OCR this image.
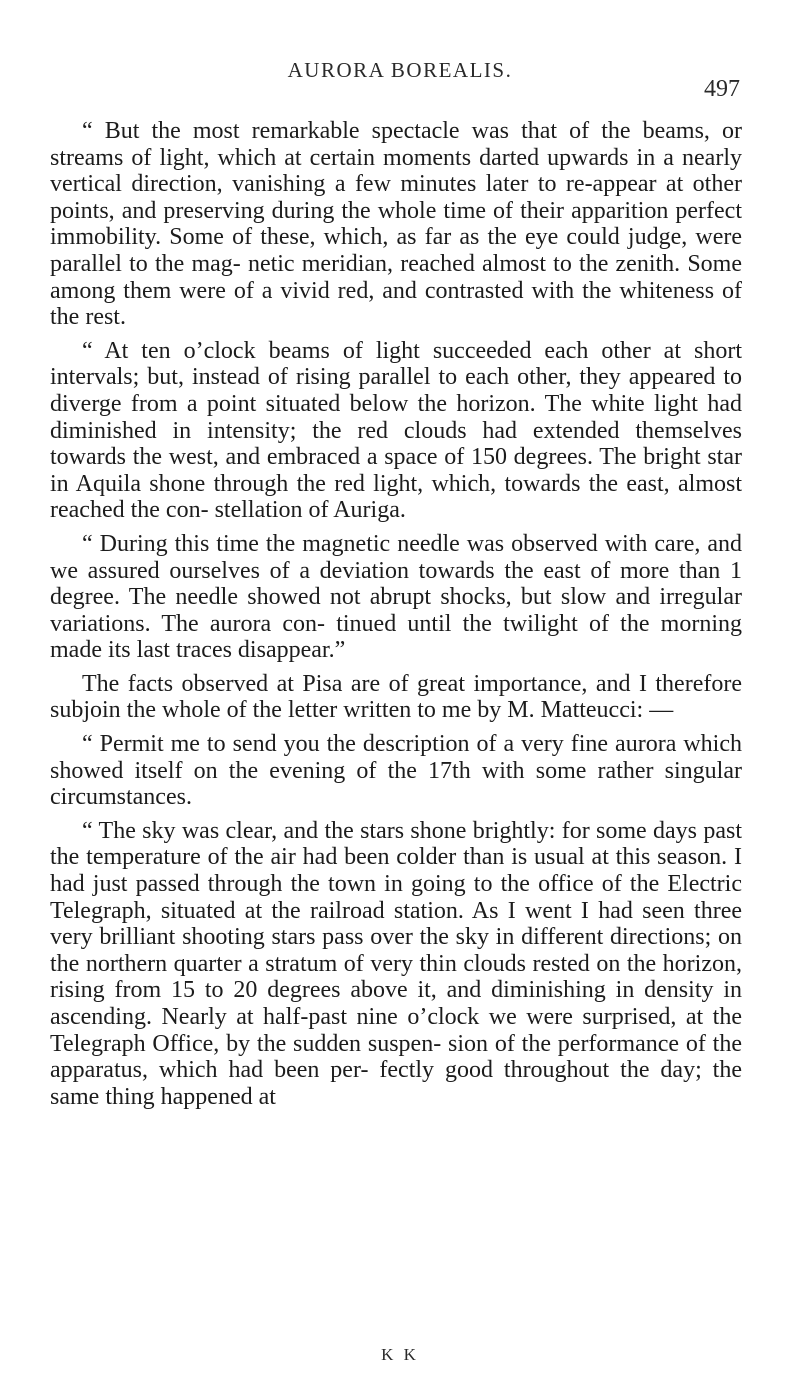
AURORA BOREALIS.
497

“ But the most remarkable spectacle was that of the beams, or streams of light, which at certain moments darted upwards in a nearly vertical direction, vanishing a few minutes later to re-appear at other points, and preserving during the whole time of their apparition perfect immobility. Some of these, which, as far as the eye could judge, were parallel to the mag- netic meridian, reached almost to the zenith. Some among them were of a vivid red, and contrasted with the whiteness of the rest.

“ At ten o’clock beams of light succeeded each other at short intervals; but, instead of rising parallel to each other, they appeared to diverge from a point situated below the horizon. The white light had diminished in intensity; the red clouds had extended themselves towards the west, and embraced a space of 150 degrees. The bright star in Aquila shone through the red light, which, towards the east, almost reached the con- stellation of Auriga.

“ During this time the magnetic needle was observed with care, and we assured ourselves of a deviation towards the east of more than 1 degree. The needle showed not abrupt shocks, but slow and irregular variations. The aurora con- tinued until the twilight of the morning made its last traces disappear.”

The facts observed at Pisa are of great importance, and I therefore subjoin the whole of the letter written to me by M. Matteucci: —

“ Permit me to send you the description of a very fine aurora which showed itself on the evening of the 17th with some rather singular circumstances.

“ The sky was clear, and the stars shone brightly: for some days past the temperature of the air had been colder than is usual at this season. I had just passed through the town in going to the office of the Electric Telegraph, situated at the railroad station. As I went I had seen three very brilliant shooting stars pass over the sky in different directions; on the northern quarter a stratum of very thin clouds rested on the horizon, rising from 15 to 20 degrees above it, and diminishing in density in ascending. Nearly at half-past nine o’clock we were surprised, at the Telegraph Office, by the sudden suspen- sion of the performance of the apparatus, which had been per- fectly good throughout the day; the same thing happened at

K K
